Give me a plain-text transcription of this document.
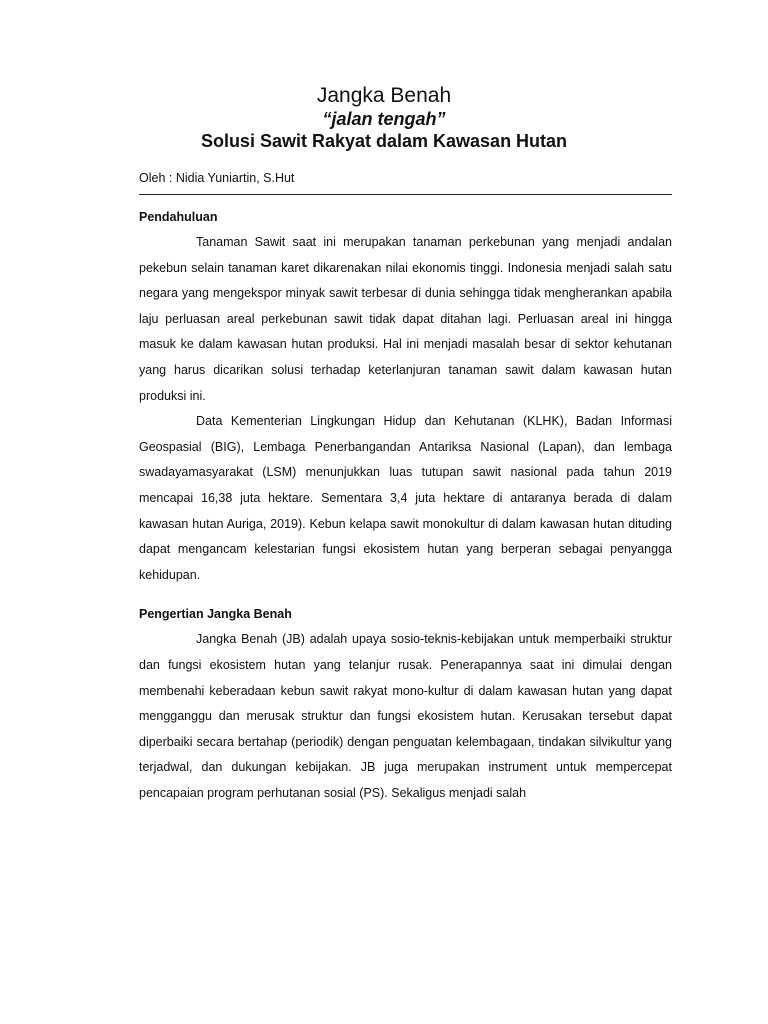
Jangka Benah
“jalan tengah”
Solusi Sawit Rakyat dalam Kawasan Hutan
Oleh : Nidia Yuniartin, S.Hut
Pendahuluan

Tanaman Sawit saat ini merupakan tanaman perkebunan yang menjadi andalan pekebun selain tanaman karet dikarenakan nilai ekonomis tinggi. Indonesia menjadi salah satu negara yang mengekspor minyak sawit terbesar di dunia sehingga tidak mengherankan apabila laju perluasan areal perkebunan sawit tidak dapat ditahan lagi. Perluasan areal ini hingga masuk ke dalam kawasan hutan produksi. Hal ini menjadi masalah besar di sektor kehutanan yang harus dicarikan solusi terhadap keterlanjuran tanaman sawit dalam kawasan hutan produksi ini.

Data Kementerian Lingkungan Hidup dan Kehutanan (KLHK), Badan Informasi Geospasial (BIG), Lembaga Penerbangandan Antariksa Nasional (Lapan), dan lembaga swadayamasyarakat (LSM) menunjukkan luas tutupan sawit nasional pada tahun 2019 mencapai 16,38 juta hektare. Sementara 3,4 juta hektare di antaranya berada di dalam kawasan hutan Auriga, 2019). Kebun kelapa sawit monokultur di dalam kawasan hutan dituding dapat mengancam kelestarian fungsi ekosistem hutan yang berperan sebagai penyangga kehidupan.

Pengertian Jangka Benah

Jangka Benah (JB) adalah upaya sosio-teknis-kebijakan untuk memperbaiki struktur dan fungsi ekosistem hutan yang telanjur rusak. Penerapannya saat ini dimulai dengan membenahi keberadaan kebun sawit rakyat mono-kultur di dalam kawasan hutan yang dapat mengganggu dan merusak struktur dan fungsi ekosistem hutan. Kerusakan tersebut dapat diperbaiki secara bertahap (periodik) dengan penguatan kelembagaan, tindakan silvikultur yang terjadwal, dan dukungan kebijakan. JB juga merupakan instrument untuk mempercepat pencapaian program perhutanan sosial (PS). Sekaligus menjadi salah
